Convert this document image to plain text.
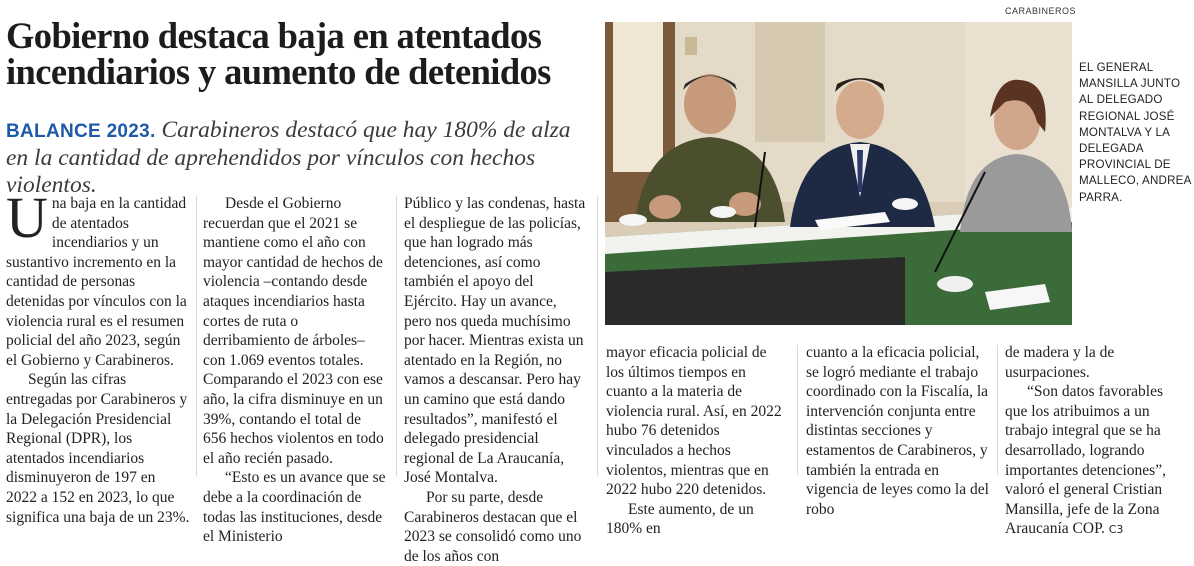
Gobierno destaca baja en atentados
incendiarios y aumento de detenidos
BALANCE 2023. Carabineros destacó que hay 180% de alza en la cantidad de aprehendidos por vínculos con hechos violentos.

Una baja en la cantidad de atentados incendiarios y un sustantivo incremento en la cantidad de personas detenidas por vínculos con la violencia rural es el resumen policial del año 2023, según el Gobierno y Carabineros.

Según las cifras entregadas por Carabineros y la Delegación Presidencial Regional (DPR), los atentados incendiarios disminuyeron de 197 en 2022 a 152 en 2023, lo que significa una baja de un 23%.

Desde el Gobierno recuerdan que el 2021 se mantiene como el año con mayor cantidad de hechos de violencia –contando desde ataques incendiarios hasta cortes de ruta o derribamiento de árboles– con 1.069 eventos totales. Comparando el 2023 con ese año, la cifra disminuye en un 39%, contando el total de 656 hechos violentos en todo el año recién pasado.

“Esto es un avance que se debe a la coordinación de todas las instituciones, desde el Ministerio

Público y las condenas, hasta el despliegue de las policías, que han logrado más detenciones, así como también el apoyo del Ejército. Hay un avance, pero nos queda muchísimo por hacer. Mientras exista un atentado en la Región, no vamos a descansar. Pero hay un camino que está dando resultados”, manifestó el delegado presidencial regional de La Araucanía, José Montalva.

Por su parte, desde Carabineros destacan que el 2023 se consolidó como uno de los años con

mayor eficacia policial de los últimos tiempos en cuanto a la materia de violencia rural. Así, en 2022 hubo 76 detenidos vinculados a hechos violentos, mientras que en 2022 hubo 220 detenidos.

Este aumento, de un 180% en

cuanto a la eficacia policial, se logró mediante el trabajo coordinado con la Fiscalía, la intervención conjunta entre distintas secciones y estamentos de Carabineros, y también la entrada en vigencia de leyes como la del robo

de madera y la de usurpaciones.

“Son datos favorables que los atribuimos a un trabajo integral que se ha desarrollado, logrando importantes detenciones”, valoró el general Cristian Mansilla, jefe de la Zona Araucanía COP. C3

CARABINEROS
EL GENERAL MANSILLA JUNTO AL DELEGADO REGIONAL JOSÉ MONTALVA Y LA DELEGADA PROVINCIAL DE MALLECO, ANDREA PARRA.
